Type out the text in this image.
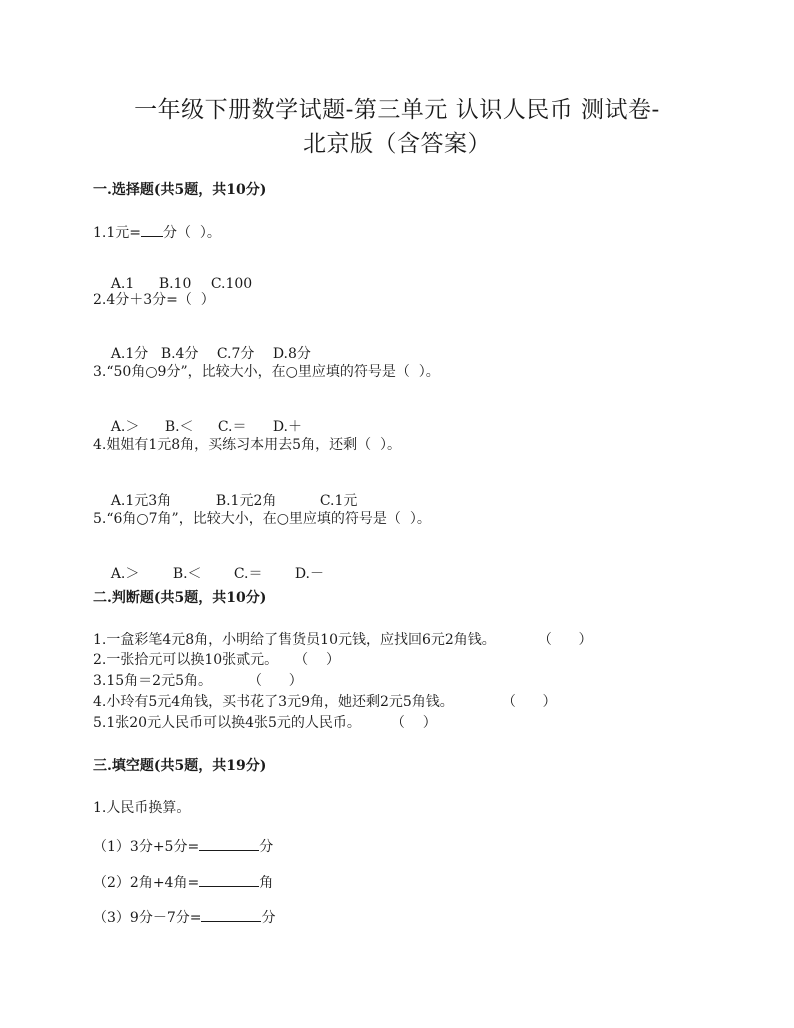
一年级下册数学试题-第三单元 认识人民币 测试卷-
北京版（含答案）
一.选择题(共5题，共10分)
1.1元= 分（  ）。

A.1 B.10 C.100

2.4分＋3分=（  ）

A.1分 B.4分 C.7分 D.8分

3.“50角○9分”，比较大小，在○里应填的符号是（  ）。

A.＞ B.＜ C.＝ D.＋

4.姐姐有1元8角，买练习本用去5角，还剩（  ）。

A.1元3角	B.1元2角	C.1元

5.“6角○7角”，比较大小，在○里应填的符号是（  ）。

A.＞ B.＜ C.＝ D.－

二.判断题(共5题，共10分)
1.一盒彩笔4元8角，小明给了售货员10元钱，应找回6元2角钱。	（      ）
2.一张拾元可以换10张贰元。 （    ）
3.15角＝2元5角。	（      ）
4.小玲有5元4角钱，买书花了3元9角，她还剩2元5角钱。	（      ）
5.1张20元人民币可以换4张5元的人民币。 （    ）
三.填空题(共5题，共19分)
1.人民币换算。
（1）3分+5分=	分
（2）2角+4角=	角
（3）9分－7分=	分
